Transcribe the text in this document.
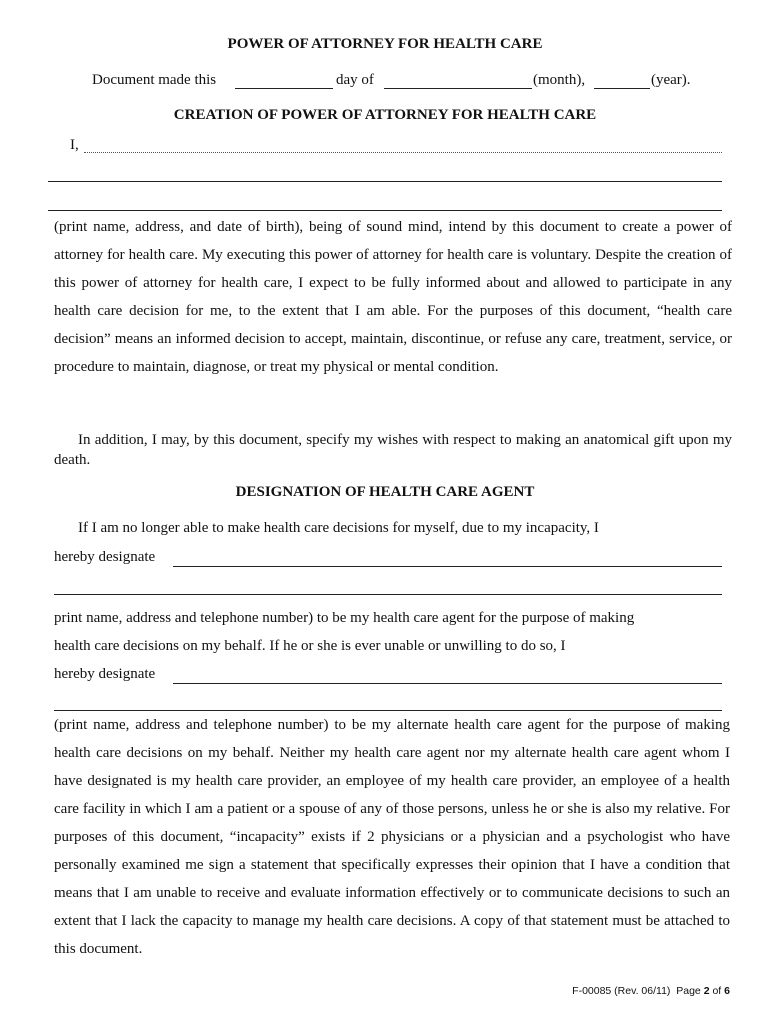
POWER OF ATTORNEY FOR HEALTH CARE
Document made this	day of	(month),	(year).
CREATION OF POWER OF ATTORNEY FOR HEALTH CARE
I,

(print name, address, and date of birth), being of sound mind, intend by this document to create a power of attorney for health care. My executing this power of attorney for health care is voluntary. Despite the creation of this power of attorney for health care, I expect to be fully informed about and allowed to participate in any health care decision for me, to the extent that I am able. For the purposes of this document, “health care decision” means an informed decision to accept, maintain, discontinue, or refuse any care, treatment, service, or procedure to maintain, diagnose, or treat my physical or mental condition.

In addition, I may, by this document, specify my wishes with respect to making an anatomical gift upon my death.

DESIGNATION OF HEALTH CARE AGENT
If I am no longer able to make health care decisions for myself, due to my incapacity, I
hereby designate
print name, address and telephone number) to be my health care agent for the purpose of making
health care decisions on my behalf. If he or she is ever unable or unwilling to do so, I
hereby designate

(print name, address and telephone number) to be my alternate health care agent for the purpose of making health care decisions on my behalf. Neither my health care agent nor my alternate health care agent whom I have designated is my health care provider, an employee of my health care provider, an employee of a health care facility in which I am a patient or a spouse of any of those persons, unless he or she is also my relative. For purposes of this document, “incapacity” exists if 2 physicians or a physician and a psychologist who have personally examined me sign a statement that specifically expresses their opinion that I have a condition that means that I am unable to receive and evaluate information effectively or to communicate decisions to such an extent that I lack the capacity to manage my health care decisions. A copy of that statement must be attached to this document.

F-00085 (Rev. 06/11) Page 2 of 6
